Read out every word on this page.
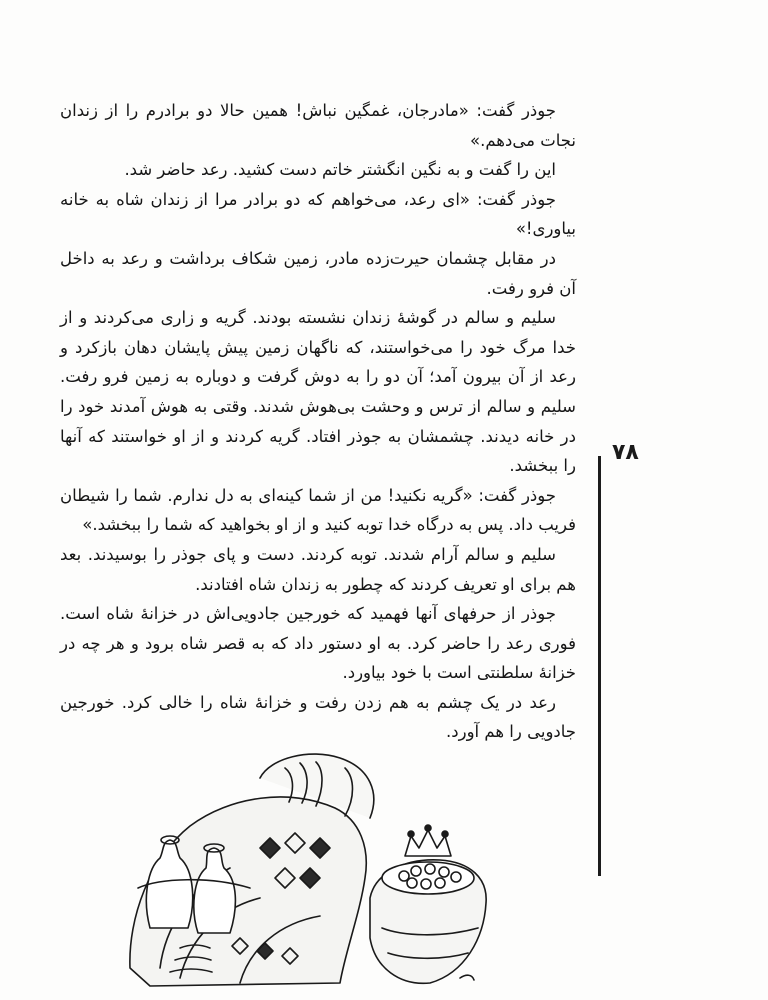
جوذر گفت: «مادرجان، غمگین نباش! همین حالا دو برادرم را از زندان نجات می‌دهم.»

این را گفت و به نگین انگشتر خاتم دست کشید. رعد حاضر شد.

جوذر گفت: «ای رعد، می‌خواهم که دو برادر مرا از زندان شاه به خانه بیاوری!»

در مقابل چشمان حیرت‌زده مادر، زمین شکاف برداشت و رعد به داخل آن فرو رفت.

سلیم و سالم در گوشهٔ زندان نشسته بودند. گریه و زاری می‌کردند و از خدا مرگ خود را می‌خواستند، که ناگهان زمین پیش پایشان دهان بازکرد و رعد از آن بیرون آمد؛ آن دو را به دوش گرفت و دوباره به زمین فرو رفت. سلیم و سالم از ترس و وحشت بی‌هوش شدند. وقتی به هوش آمدند خود را در خانه دیدند. چشمشان به جوذر افتاد. گریه کردند و از او خواستند که آنها را ببخشد.

جوذر گفت: «گریه نکنید! من از شما کینه‌ای به دل ندارم. شما را شیطان فریب داد. پس به درگاه خدا توبه کنید و از او بخواهید که شما را ببخشد.»

سلیم و سالم آرام شدند. توبه کردند. دست و پای جوذر را بوسیدند. بعد هم برای او تعریف کردند که چطور به زندان شاه افتادند.

جوذر از حرفهای آنها فهمید که خورجین جادویی‌اش در خزانهٔ شاه است. فوری رعد را حاضر کرد. به او دستور داد که به قصر شاه برود و هر چه در خزانهٔ سلطنتی است با خود بیاورد.

رعد در یک چشم به هم زدن رفت و خزانهٔ شاه را خالی کرد. خورجین جادویی را هم آورد.

۷۸
